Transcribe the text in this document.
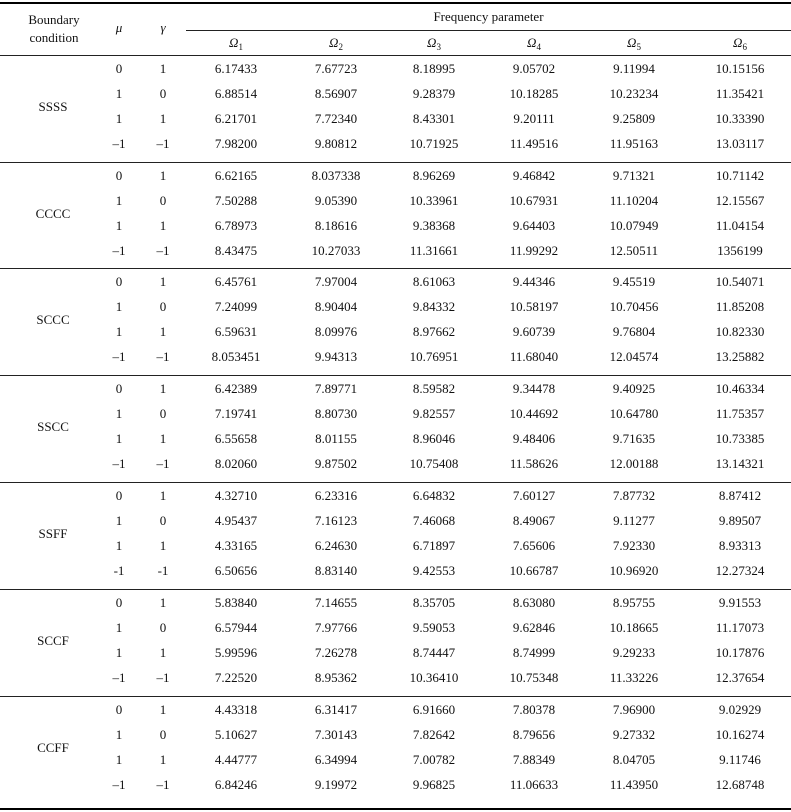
Boundary
condition
μ	γ
Frequency parameter
$\Omega_1$	$\Omega_2$	$\Omega_3$	$\Omega_4$	$\Omega_5$	$\Omega_6$
SSSS
0	1	6.17433	7.67723	8.18995	9.05702	9.11994	10.15156
1	0	6.88514	8.56907	9.28379	10.18285	10.23234	11.35421
1	1	6.21701	7.72340	8.43301	9.20111	9.25809	10.33390
–1	–1	7.98200	9.80812	10.71925	11.49516	11.95163	13.03117
CCCC
0	1	6.62165	8.037338	8.96269	9.46842	9.71321	10.71142
1	0	7.50288	9.05390	10.33961	10.67931	11.10204	12.15567
1	1	6.78973	8.18616	9.38368	9.64403	10.07949	11.04154
–1	–1	8.43475	10.27033	11.31661	11.99292	12.50511	1356199
SCCC
0	1	6.45761	7.97004	8.61063	9.44346	9.45519	10.54071
1	0	7.24099	8.90404	9.84332	10.58197	10.70456	11.85208
1	1	6.59631	8.09976	8.97662	9.60739	9.76804	10.82330
–1	–1	8.053451	9.94313	10.76951	11.68040	12.04574	13.25882
SSCC
0	1	6.42389	7.89771	8.59582	9.34478	9.40925	10.46334
1	0	7.19741	8.80730	9.82557	10.44692	10.64780	11.75357
1	1	6.55658	8.01155	8.96046	9.48406	9.71635	10.73385
–1	–1	8.02060	9.87502	10.75408	11.58626	12.00188	13.14321
SSFF
0	1	4.32710	6.23316	6.64832	7.60127	7.87732	8.87412
1	0	4.95437	7.16123	7.46068	8.49067	9.11277	9.89507
1	1	4.33165	6.24630	6.71897	7.65606	7.92330	8.93313
-1	-1	6.50656	8.83140	9.42553	10.66787	10.96920	12.27324
SCCF
0	1	5.83840	7.14655	8.35705	8.63080	8.95755	9.91553
1	0	6.57944	7.97766	9.59053	9.62846	10.18665	11.17073
1	1	5.99596	7.26278	8.74447	8.74999	9.29233	10.17876
–1	–1	7.22520	8.95362	10.36410	10.75348	11.33226	12.37654
CCFF
0	1	4.43318	6.31417	6.91660	7.80378	7.96900	9.02929
1	0	5.10627	7.30143	7.82642	8.79656	9.27332	10.16274
1	1	4.44777	6.34994	7.00782	7.88349	8.04705	9.11746
–1	–1	6.84246	9.19972	9.96825	11.06633	11.43950	12.68748
